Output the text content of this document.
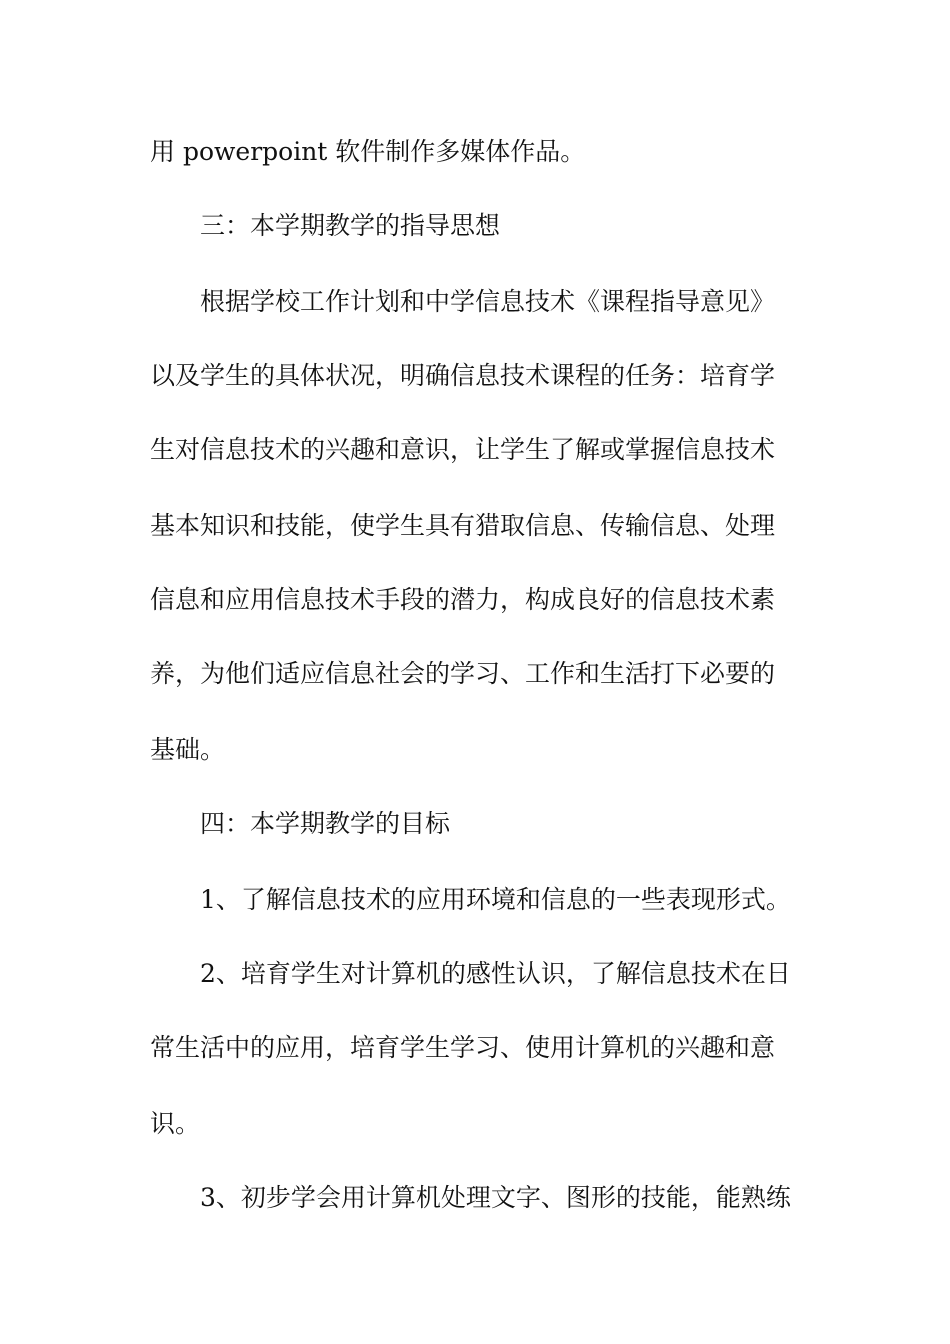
用 powerpoint 软件制作多媒体作品。
三：本学期教学的指导思想
根据学校工作计划和中学信息技术《课程指导意见》
以及学生的具体状况，明确信息技术课程的任务：培育学
生对信息技术的兴趣和意识，让学生了解或掌握信息技术
基本知识和技能，使学生具有猎取信息、传输信息、处理
信息和应用信息技术手段的潜力，构成良好的信息技术素
养，为他们适应信息社会的学习、工作和生活打下必要的
基础。
四：本学期教学的目标
1、了解信息技术的应用环境和信息的一些表现形式。
2、培育学生对计算机的感性认识，了解信息技术在日
常生活中的应用，培育学生学习、使用计算机的兴趣和意
识。
3、初步学会用计算机处理文字、图形的技能，能熟练
